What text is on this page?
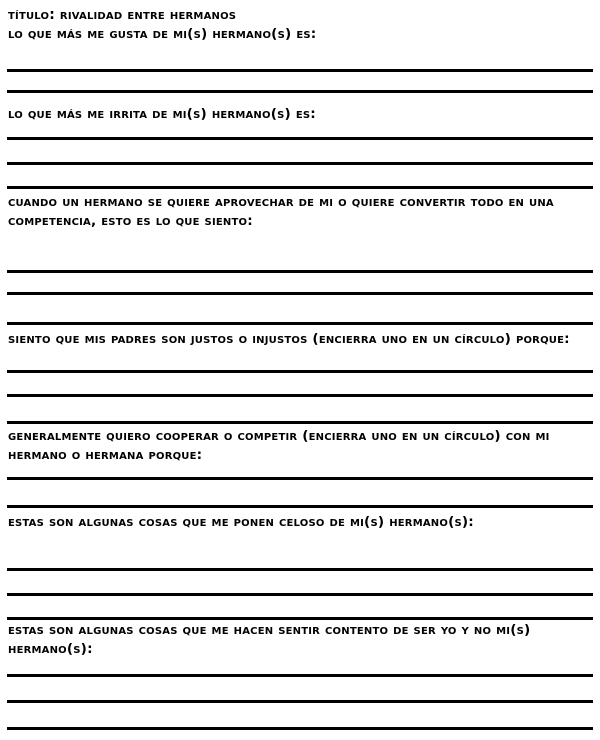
título: rivalidad entre hermanos
lo que más me gusta de mi(s) hermano(s) es:
lo que más me irrita de mi(s) hermano(s) es:
cuando un hermano se quiere aprovechar de mi o quiere convertir todo en una competencia, esto es lo que siento:
siento que mis padres son justos o injustos (encierra uno en un círculo) porque:
generalmente quiero cooperar o competir (encierra uno en un círculo) con mi hermano o hermana porque:
estas son algunas cosas que me ponen celoso de mi(s) hermano(s):
estas son algunas cosas que me hacen sentir contento de ser yo y no mi(s) hermano(s):
